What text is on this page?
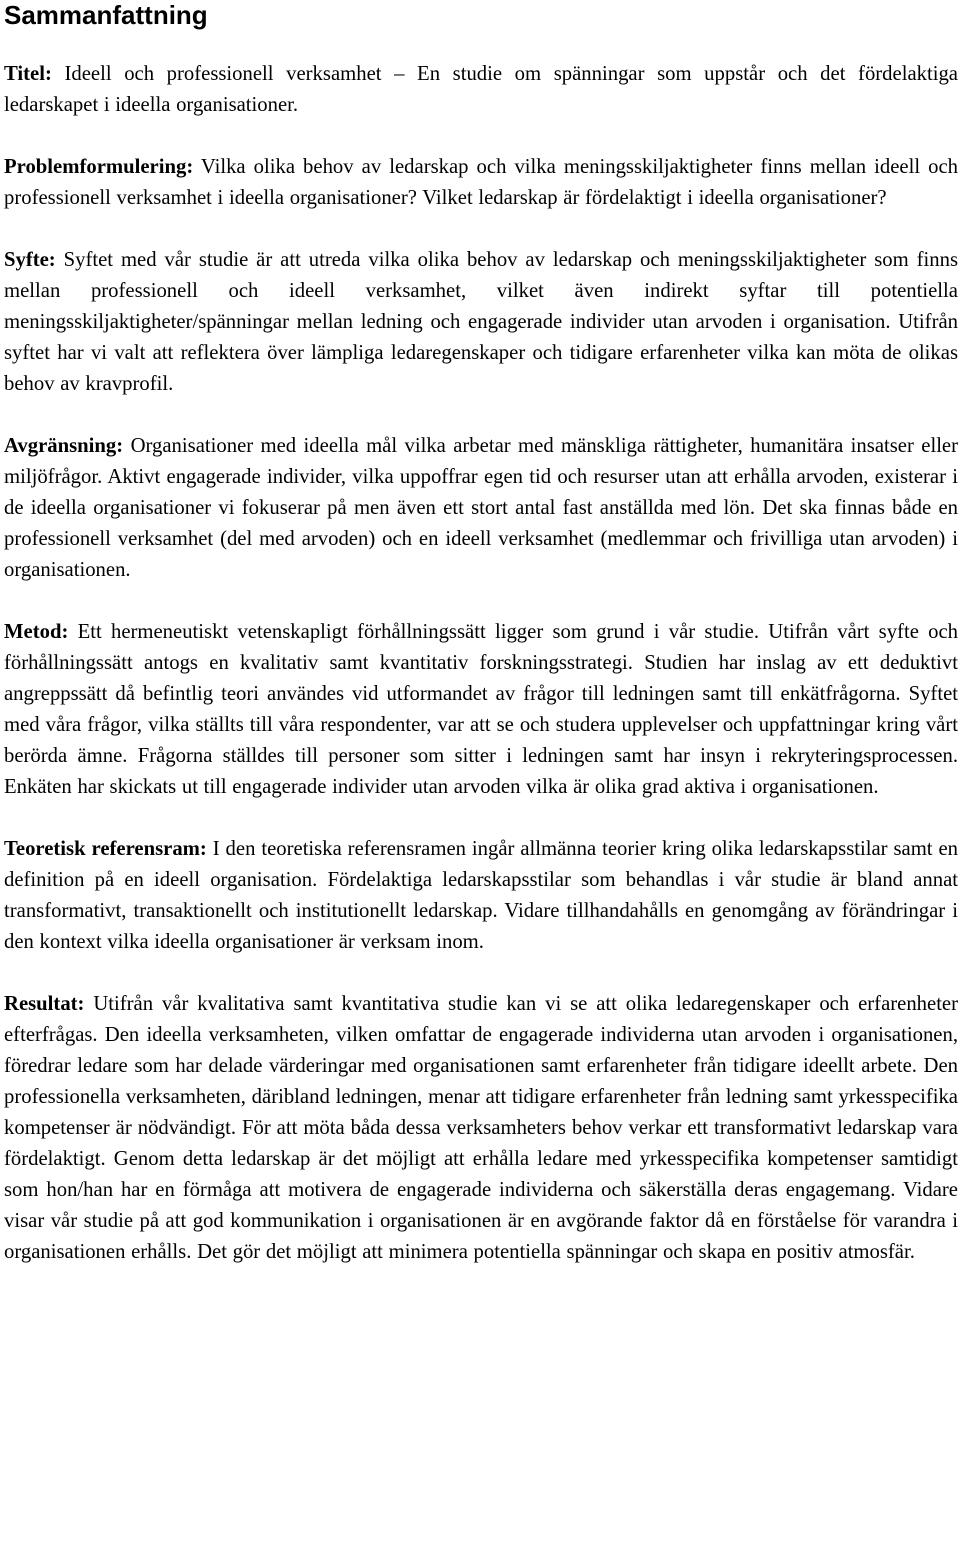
Sammanfattning

Titel: Ideell och professionell verksamhet – En studie om spänningar som uppstår och det fördelaktiga ledarskapet i ideella organisationer.

Problemformulering: Vilka olika behov av ledarskap och vilka meningsskiljaktigheter finns mellan ideell och professionell verksamhet i ideella organisationer? Vilket ledarskap är fördelaktigt i ideella organisationer?

Syfte: Syftet med vår studie är att utreda vilka olika behov av ledarskap och meningsskiljaktigheter som finns mellan professionell och ideell verksamhet, vilket även indirekt syftar till potentiella meningsskiljaktigheter/spänningar mellan ledning och engagerade individer utan arvoden i organisation. Utifrån syftet har vi valt att reflektera över lämpliga ledaregenskaper och tidigare erfarenheter vilka kan möta de olikas behov av kravprofil.

Avgränsning: Organisationer med ideella mål vilka arbetar med mänskliga rättigheter, humanitära insatser eller miljöfrågor. Aktivt engagerade individer, vilka uppoffrar egen tid och resurser utan att erhålla arvoden, existerar i de ideella organisationer vi fokuserar på men även ett stort antal fast anställda med lön. Det ska finnas både en professionell verksamhet (del med arvoden) och en ideell verksamhet (medlemmar och frivilliga utan arvoden) i organisationen.

Metod: Ett hermeneutiskt vetenskapligt förhållningssätt ligger som grund i vår studie. Utifrån vårt syfte och förhållningssätt antogs en kvalitativ samt kvantitativ forskningsstrategi. Studien har inslag av ett deduktivt angreppssätt då befintlig teori användes vid utformandet av frågor till ledningen samt till enkätfrågorna. Syftet med våra frågor, vilka ställts till våra respondenter, var att se och studera upplevelser och uppfattningar kring vårt berörda ämne. Frågorna ställdes till personer som sitter i ledningen samt har insyn i rekryteringsprocessen. Enkäten har skickats ut till engagerade individer utan arvoden vilka är olika grad aktiva i organisationen.

Teoretisk referensram: I den teoretiska referensramen ingår allmänna teorier kring olika ledarskapsstilar samt en definition på en ideell organisation. Fördelaktiga ledarskapsstilar som behandlas i vår studie är bland annat transformativt, transaktionellt och institutionellt ledarskap. Vidare tillhandahålls en genomgång av förändringar i den kontext vilka ideella organisationer är verksam inom.

Resultat: Utifrån vår kvalitativa samt kvantitativa studie kan vi se att olika ledaregenskaper och erfarenheter efterfrågas. Den ideella verksamheten, vilken omfattar de engagerade individerna utan arvoden i organisationen, föredrar ledare som har delade värderingar med organisationen samt erfarenheter från tidigare ideellt arbete. Den professionella verksamheten, däribland ledningen, menar att tidigare erfarenheter från ledning samt yrkesspecifika kompetenser är nödvändigt. För att möta båda dessa verksamheters behov verkar ett transformativt ledarskap vara fördelaktigt. Genom detta ledarskap är det möjligt att erhålla ledare med yrkesspecifika kompetenser samtidigt som hon/han har en förmåga att motivera de engagerade individerna och säkerställa deras engagemang. Vidare visar vår studie på att god kommunikation i organisationen är en avgörande faktor då en förståelse för varandra i organisationen erhålls. Det gör det möjligt att minimera potentiella spänningar och skapa en positiv atmosfär.
